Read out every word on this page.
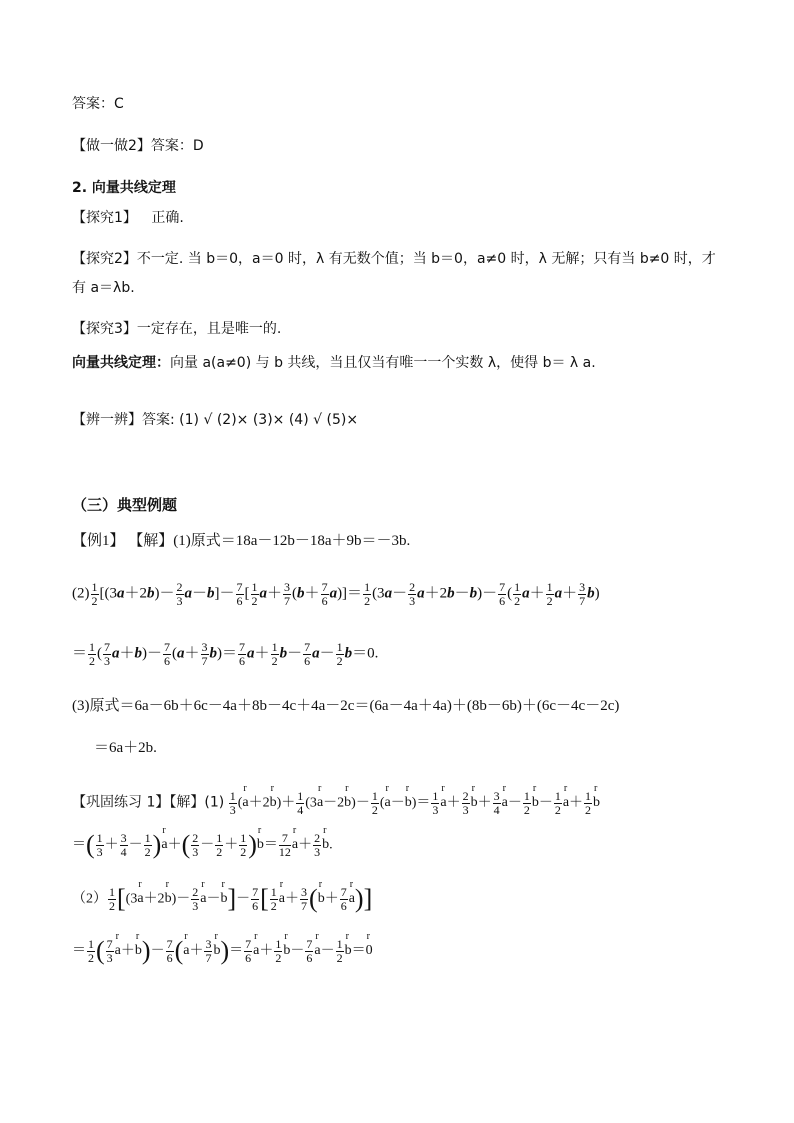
答案：C
【做一做2】答案：D
2. 向量共线定理
【探究1】 正确.
【探究2】不一定. 当 b＝0，a＝0 时，λ 有无数个值；当 b＝0，a≠0 时，λ 无解；只有当 b≠0 时，才
有 a＝λb.
【探究3】一定存在，且是唯一的.
向量共线定理：向量 a(a≠0) 与 b 共线，当且仅当有唯一一个实数 λ，使得 b＝ λ a.
【辨一辨】答案: (1) √ (2)× (3)× (4) √ (5)×
（三）典型例题
【例1】 【解】(1)原式＝18a－12b－18a＋9b＝－3b.
$(2) \frac{1}{2} [(3a+2b)- \frac{2}{3} a-b]- \frac{7}{6}$ [ $\frac{1}{2} a+ \frac{3}{7} (b+ \frac{7}{6} a)]= \frac{1}{2} (3a- \frac{2}{3} a+2b-b)- \frac{7}{6}$ ( $\frac{1}{2} a+ \frac{1}{2} a+ \frac{3}{7} b$)
＝ $\frac{1}{2}$ ( $\frac{7}{3} a+b)- \frac{7}{6} (a+ \frac{3}{7} b)= \frac{7}{6} a+ \frac{1}{2} b- \frac{7}{6} a- \frac{1}{2} b=0$.
(3)原式＝6a－6b＋6c－4a＋8b－4c＋4a－2c＝(6a－4a＋4a)＋(8b－6b)＋(6c－4c－2c)
＝6a＋2b.
【巩固练习 1】【解】$(1) \frac{1}{3} (r$ a＋2r $b)+ \frac{1}{4} (3r$ a－2r $b)- \frac{1}{2} (r$ a－r $b)= \frac{1}{3}$ r $a+ \frac{2}{3}$ r $b+ \frac{3}{4}$ r $a- \frac{1}{2}$ r $b- \frac{1}{2}$ r $a+ \frac{1}{2}$ r b
＝( $\frac{1}{3} + \frac{3}{4} - \frac{1}{2} )r$ $a+( \frac{2}{3} - \frac{1}{2} + \frac{1}{2} )r$ $b= \frac{7}{12}$ r $a+ \frac{2}{3}$ r b.
$(2) \frac{1}{2} [(3r$ a＋2r $b)- \frac{2}{3}$ r a－r $b]- \frac{7}{6}$ [ $\frac{1}{2}$ r $a+ \frac{3}{7} (r$ $b+ \frac{7}{6}$ r a)]
＝ $\frac{1}{2}$ ( $\frac{7}{3}$ r a＋r $b)- \frac{7}{6} (r$ $a+ \frac{3}{7}$ r $b)= \frac{7}{6}$ r $a+ \frac{1}{2}$ r $b- \frac{7}{6}$ r $a- \frac{1}{2}$ r b＝r 0
